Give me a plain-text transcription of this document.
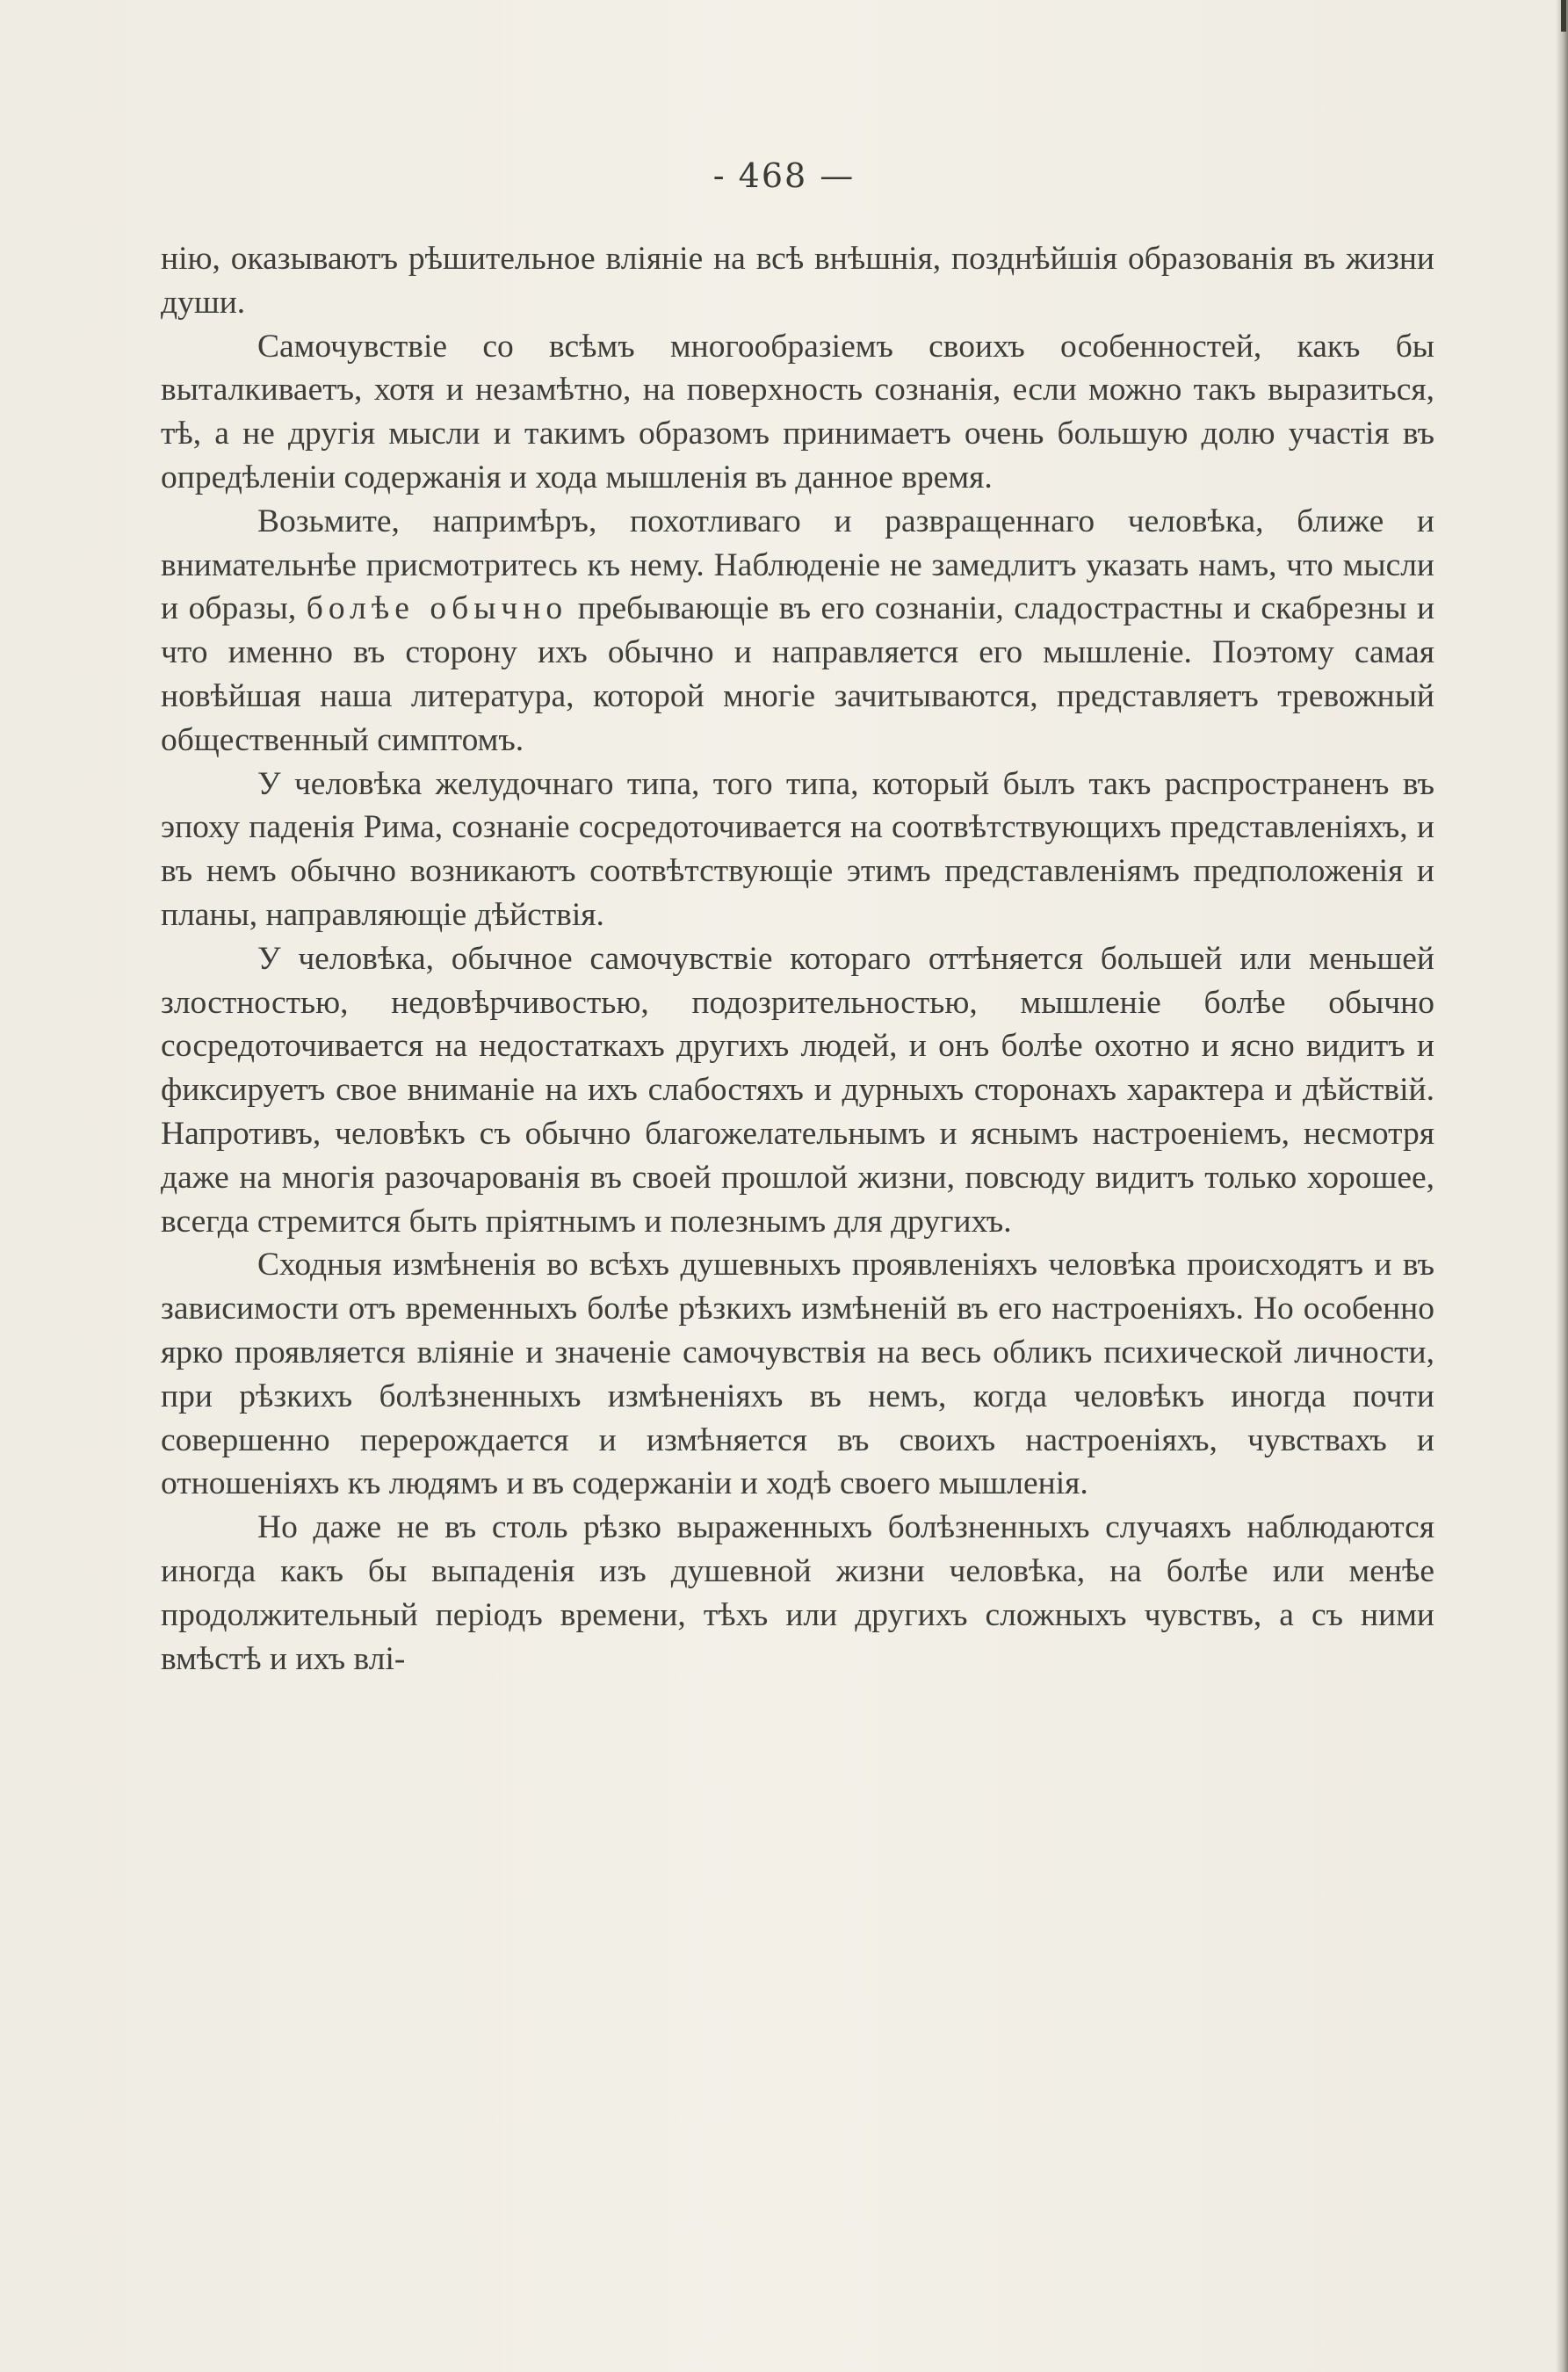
- 468 —

нію, оказываютъ рѣшительное вліяніе на всѣ внѣшнія, позднѣйшія образованія въ жизни души.

Самочувствіе со всѣмъ многообразіемъ своихъ особенностей, какъ бы выталкиваетъ, хотя и незамѣтно, на поверхность сознанія, если можно такъ выразиться, тѣ, а не другія мысли и такимъ образомъ принимаетъ очень большую долю участія въ опредѣленіи содержанія и хода мышленія въ данное время.

Возьмите, напримѣръ, похотливаго и развращеннаго человѣка, ближе и внимательнѣе присмотритесь къ нему. Наблюденіе не замедлитъ указать намъ, что мысли и образы, болѣе обычно пребывающіе въ его сознаніи, сладострастны и скабрезны и что именно въ сторону ихъ обычно и направляется его мышленіе. Поэтому самая новѣйшая наша литература, которой многіе зачитываются, представляетъ тревожный общественный симптомъ.

У человѣка желудочнаго типа, того типа, который былъ такъ распространенъ въ эпоху паденія Рима, сознаніе сосредоточивается на соотвѣтствующихъ представленіяхъ, и въ немъ обычно возникаютъ соотвѣтствующіе этимъ представленіямъ предположенія и планы, направляющіе дѣйствія.

У человѣка, обычное самочувствіе котораго оттѣняется большей или меньшей злостностью, недовѣрчивостью, подозрительностью, мышленіе болѣе обычно сосредоточивается на недостаткахъ другихъ людей, и онъ болѣе охотно и ясно видитъ и фиксируетъ свое вниманіе на ихъ слабостяхъ и дурныхъ сторонахъ характера и дѣйствій. Напротивъ, человѣкъ съ обычно благожелательнымъ и яснымъ настроеніемъ, несмотря даже на многія разочарованія въ своей прошлой жизни, повсюду видитъ только хорошее, всегда стремится быть пріятнымъ и полезнымъ для другихъ.

Сходныя измѣненія во всѣхъ душевныхъ проявленіяхъ человѣка происходятъ и въ зависимости отъ временныхъ болѣе рѣзкихъ измѣненій въ его настроеніяхъ. Но особенно ярко проявляется вліяніе и значеніе самочувствія на весь обликъ психической личности, при рѣзкихъ болѣзненныхъ измѣненіяхъ въ немъ, когда человѣкъ иногда почти совершенно перерождается и измѣняется въ своихъ настроеніяхъ, чувствахъ и отношеніяхъ къ людямъ и въ содержаніи и ходѣ своего мышленія.

Но даже не въ столь рѣзко выраженныхъ болѣзненныхъ случаяхъ наблюдаются иногда какъ бы выпаденія изъ душевной жизни человѣка, на болѣе или менѣе продолжительный періодъ времени, тѣхъ или другихъ сложныхъ чувствъ, а съ ними вмѣстѣ и ихъ влі-
